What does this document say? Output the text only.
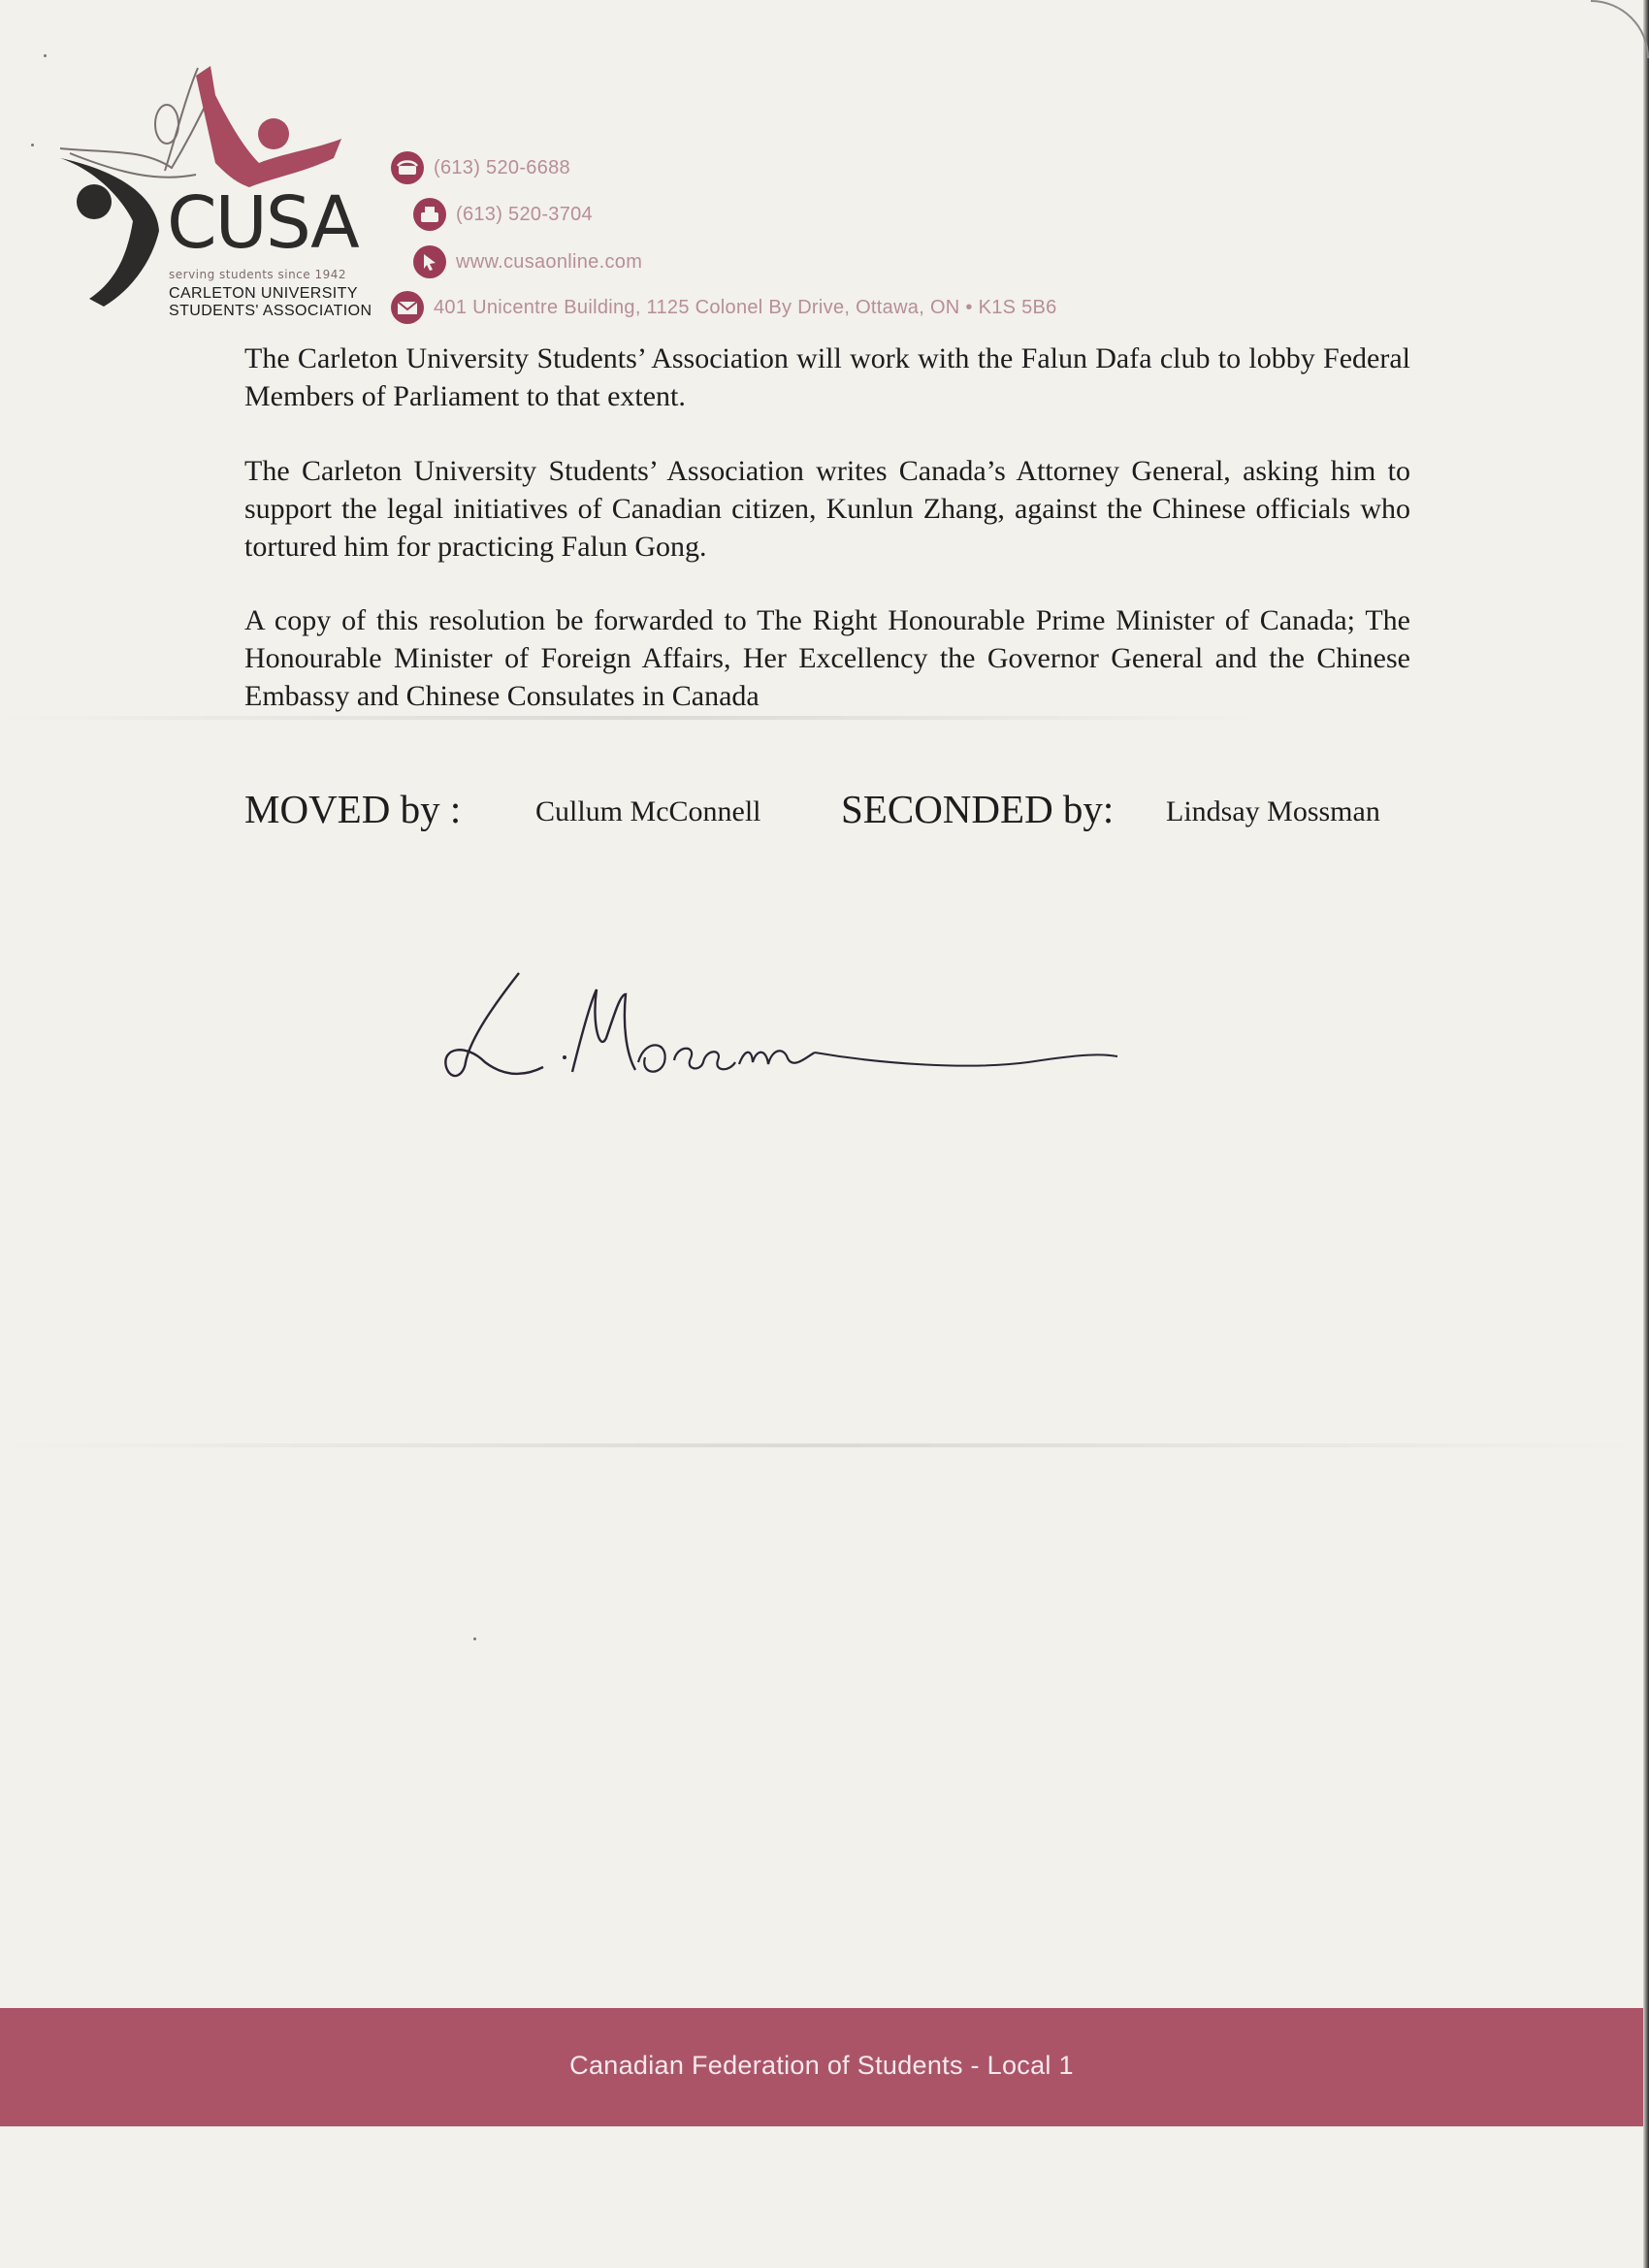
CUSA
serving students since 1942
CARLETON UNIVERSITY
STUDENTS' ASSOCIATION
(613) 520-6688
(613) 520-3704
www.cusaonline.com
401 Unicentre Building, 1125 Colonel By Drive, Ottawa, ON • K1S 5B6

The Carleton University Students’ Association will work with the Falun Dafa club to lobby Federal Members of Parliament to that extent.

The Carleton University Students’ Association writes Canada’s Attorney General, asking him to support the legal initiatives of Canadian citizen, Kunlun Zhang, against the Chinese officials who tortured him for practicing Falun Gong.

A copy of this resolution be forwarded to The Right Honourable Prime Minister of Canada; The Honourable Minister of Foreign Affairs, Her Excellency the Governor General and the Chinese Embassy and Chinese Consulates in Canada

MOVED by :	Cullum McConnell SECONDED by: Lindsay Mossman
Canadian Federation of Students - Local 1
